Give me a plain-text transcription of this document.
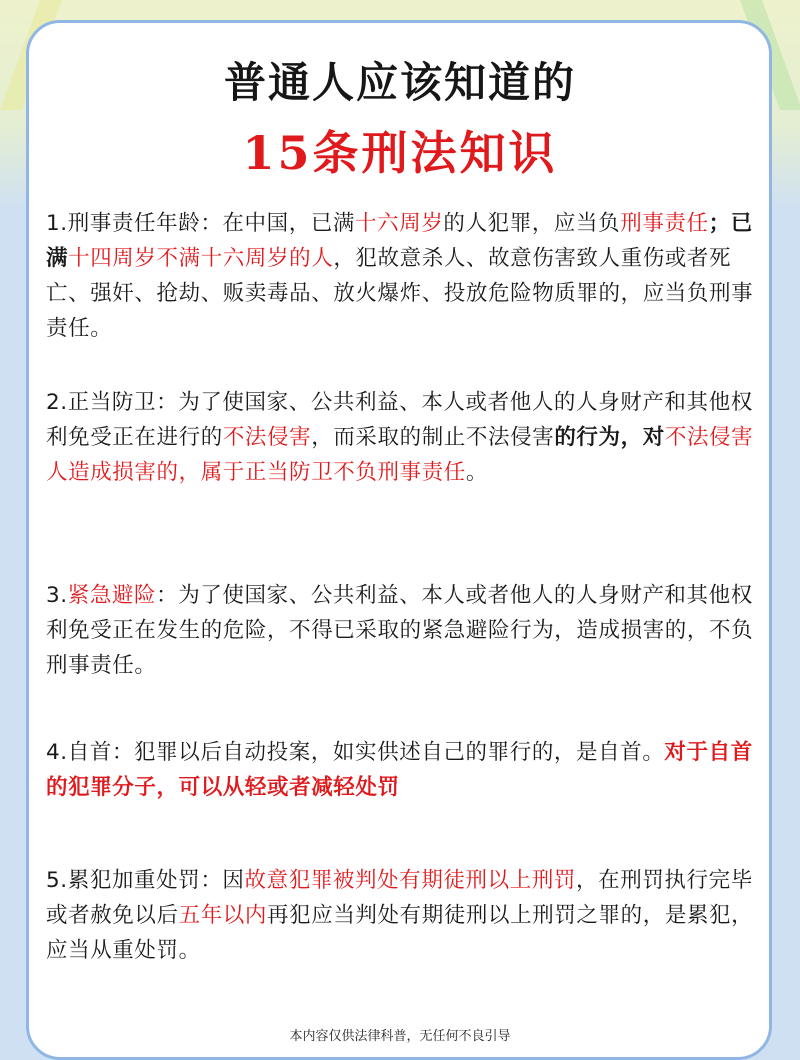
普通人应该知道的
15条刑法知识

1.刑事责任年龄：在中国，已满十六周岁的人犯罪，应当负刑事责任；已满十四周岁不满十六周岁的人，犯故意杀人、故意伤害致人重伤或者死亡、强奸、抢劫、贩卖毒品、放火爆炸、投放危险物质罪的，应当负刑事责任。

2.正当防卫：为了使国家、公共利益、本人或者他人的人身财产和其他权利免受正在进行的不法侵害，而采取的制止不法侵害的行为，对不法侵害人造成损害的，属于正当防卫不负刑事责任。

3.紧急避险：为了使国家、公共利益、本人或者他人的人身财产和其他权利免受正在发生的危险，不得已采取的紧急避险行为，造成损害的，不负刑事责任。

4.自首：犯罪以后自动投案，如实供述自己的罪行的，是自首。对于自首的犯罪分子，可以从轻或者减轻处罚

5.累犯加重处罚：因故意犯罪被判处有期徒刑以上刑罚，在刑罚执行完毕或者赦免以后五年以内再犯应当判处有期徒刑以上刑罚之罪的，是累犯，应当从重处罚。

本内容仅供法律科普，无任何不良引导
